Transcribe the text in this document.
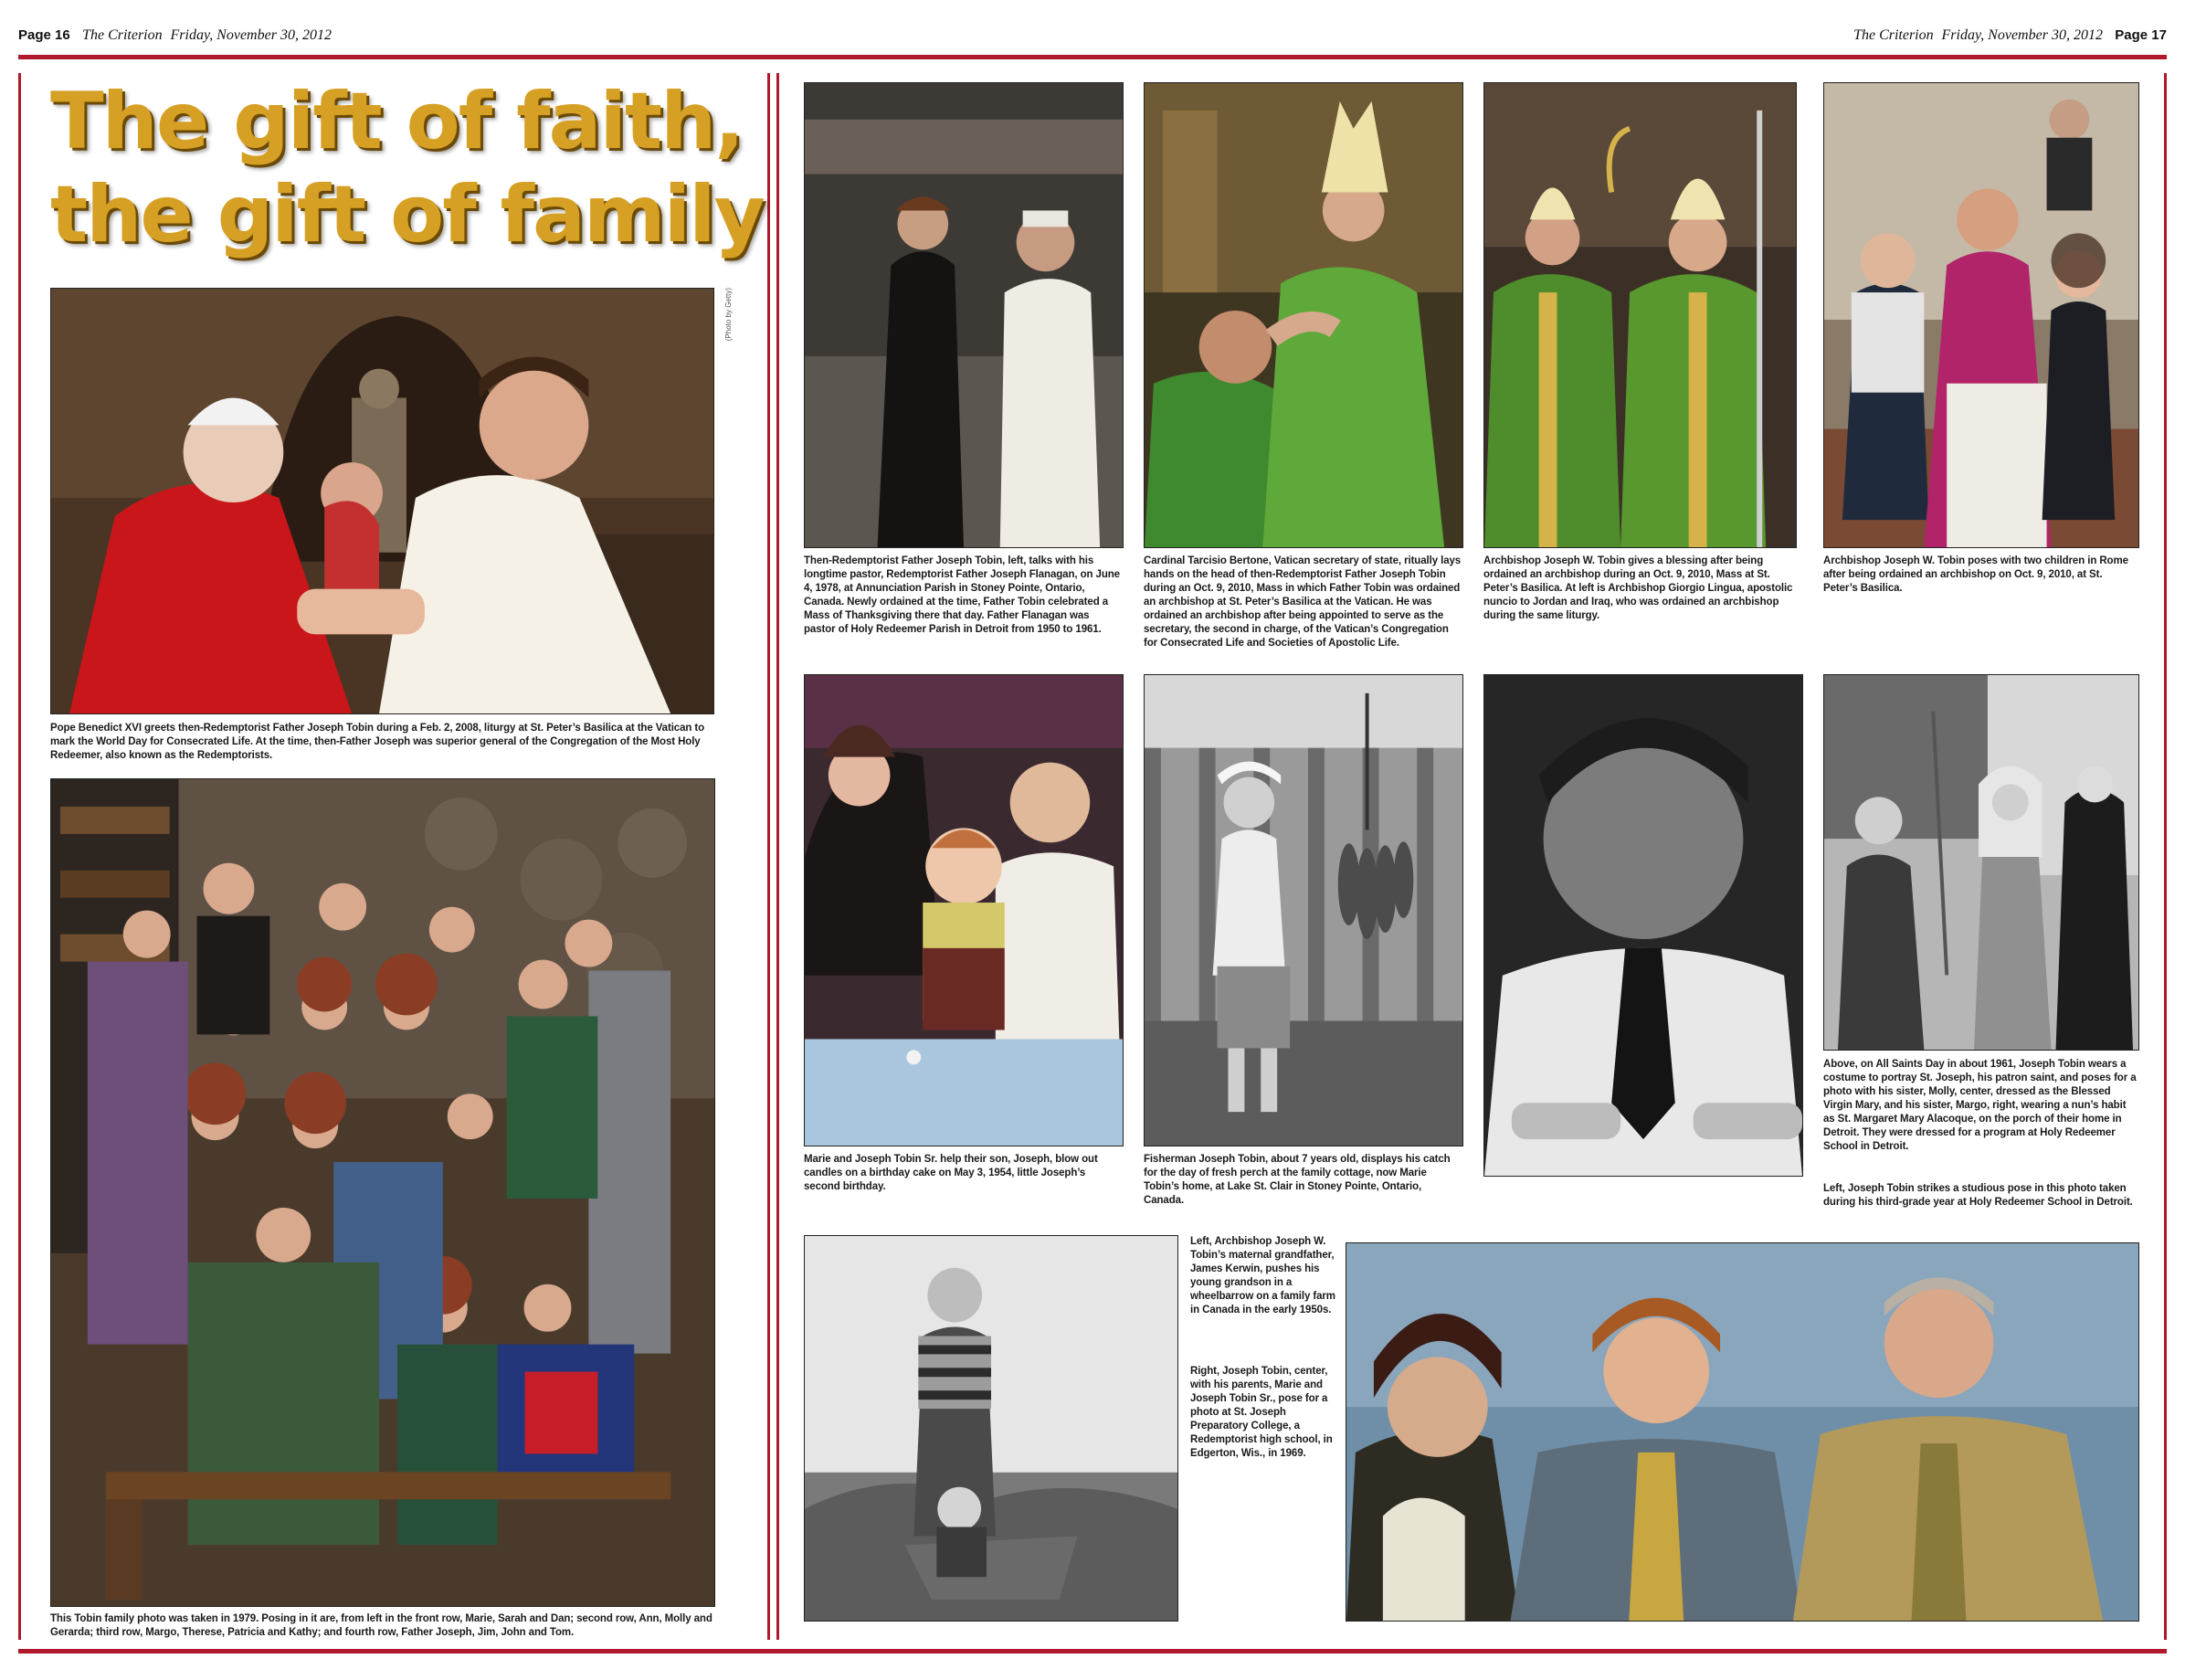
Page 16 The Criterion Friday, November 30, 2012	The Criterion Friday, November 30, 2012 Page 17
The gift of faith,
the gift of family
(Photo by Getty)
Pope Benedict XVI greets then-Redemptorist Father Joseph Tobin during a Feb. 2, 2008, liturgy at St. Peter’s Basilica at the Vatican to mark the World Day for Consecrated Life. At the time, then-Father Joseph was superior general of the Congregation of the Most Holy Redeemer, also known as the Redemptorists.
This Tobin family photo was taken in 1979. Posing in it are, from left in the front row, Marie, Sarah and Dan; second row, Ann, Molly and Gerarda; third row, Margo, Therese, Patricia and Kathy; and fourth row, Father Joseph, Jim, John and Tom.
Then-Redemptorist Father Joseph Tobin, left, talks with his longtime pastor, Redemptorist Father Joseph Flanagan, on June 4, 1978, at Annunciation Parish in Stoney Pointe, Ontario, Canada. Newly ordained at the time, Father Tobin celebrated a Mass of Thanksgiving there that day. Father Flanagan was pastor of Holy Redeemer Parish in Detroit from 1950 to 1961.
Cardinal Tarcisio Bertone, Vatican secretary of state, ritually lays hands on the head of then-Redemptorist Father Joseph Tobin during an Oct. 9, 2010, Mass in which Father Tobin was ordained an archbishop at St. Peter’s Basilica at the Vatican. He was ordained an archbishop after being appointed to serve as the secretary, the second in charge, of the Vatican’s Congregation for Consecrated Life and Societies of Apostolic Life.
Archbishop Joseph W. Tobin gives a blessing after being ordained an archbishop during an Oct. 9, 2010, Mass at St. Peter’s Basilica. At left is Archbishop Giorgio Lingua, apostolic nuncio to Jordan and Iraq, who was ordained an archbishop during the same liturgy.
Archbishop Joseph W. Tobin poses with two children in Rome after being ordained an archbishop on Oct. 9, 2010, at St. Peter’s Basilica.
Marie and Joseph Tobin Sr. help their son, Joseph, blow out candles on a birthday cake on May 3, 1954, little Joseph’s second birthday.
Fisherman Joseph Tobin, about 7 years old, displays his catch for the day of fresh perch at the family cottage, now Marie Tobin’s home, at Lake St. Clair in Stoney Pointe, Ontario, Canada.
Above, on All Saints Day in about 1961, Joseph Tobin wears a costume to portray St. Joseph, his patron saint, and poses for a photo with his sister, Molly, center, dressed as the Blessed Virgin Mary, and his sister, Margo, right, wearing a nun’s habit as St. Margaret Mary Alacoque, on the porch of their home in Detroit. They were dressed for a program at Holy Redeemer School in Detroit.
Left, Joseph Tobin strikes a studious pose in this photo taken during his third-grade year at Holy Redeemer School in Detroit.
Left, Archbishop Joseph W. Tobin’s maternal grandfather, James Kerwin, pushes his young grandson in a wheelbarrow on a family farm in Canada in the early 1950s.
Right, Joseph Tobin, center, with his parents, Marie and Joseph Tobin Sr., pose for a photo at St. Joseph Preparatory College, a Redemptorist high school, in Edgerton, Wis., in 1969.
